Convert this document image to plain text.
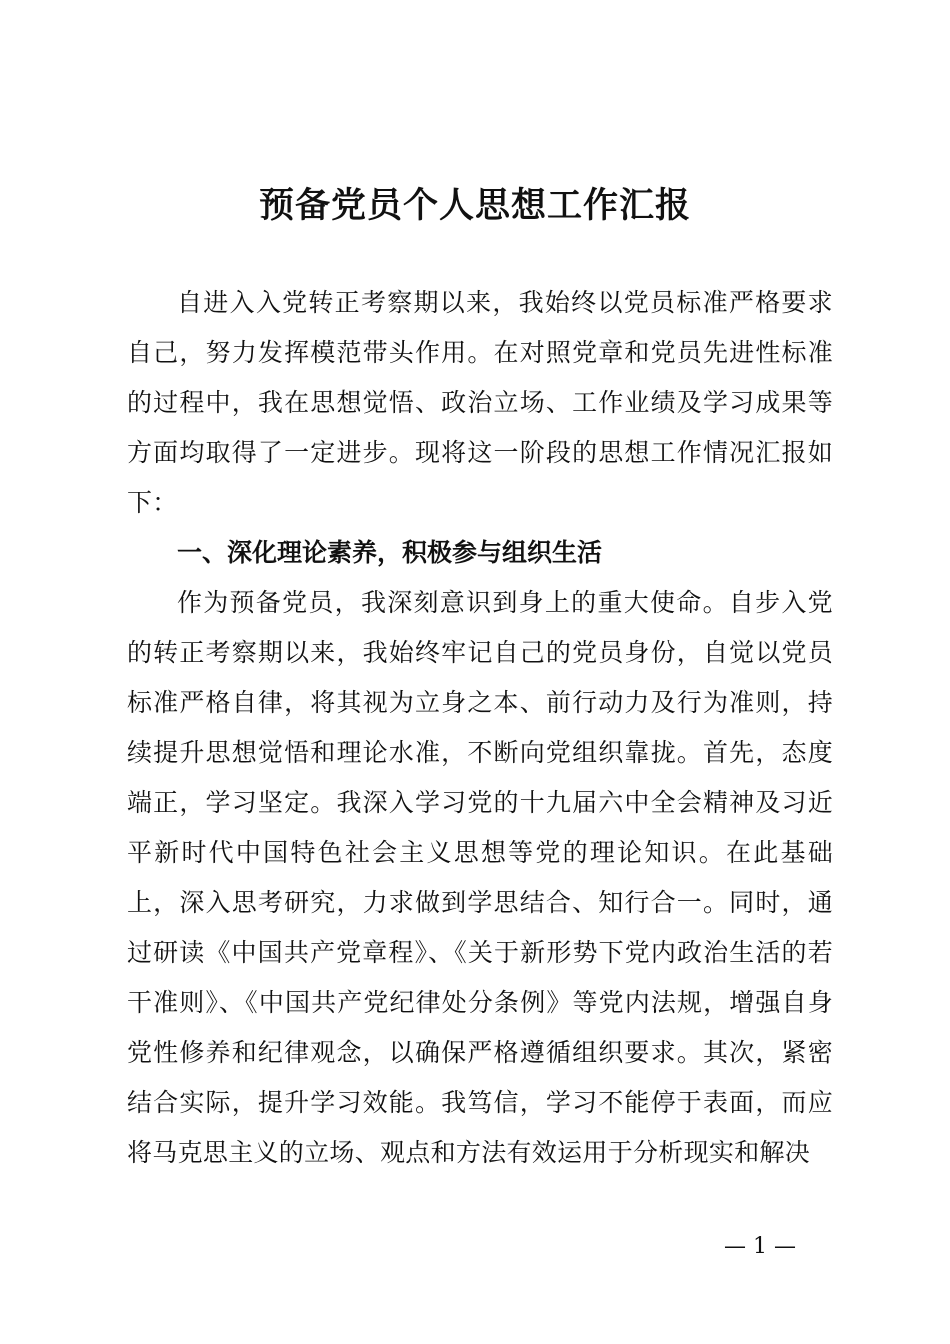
预备党员个人思想工作汇报

自进入入党转正考察期以来，我始终以党员标准严格要求自己，努力发挥模范带头作用。在对照党章和党员先进性标准的过程中，我在思想觉悟、政治立场、工作业绩及学习成果等方面均取得了一定进步。现将这一阶段的思想工作情况汇报如下：

一、深化理论素养，积极参与组织生活

作为预备党员，我深刻意识到身上的重大使命。自步入党的转正考察期以来，我始终牢记自己的党员身份，自觉以党员标准严格自律，将其视为立身之本、前行动力及行为准则，持续提升思想觉悟和理论水准，不断向党组织靠拢。首先，态度端正，学习坚定。我深入学习党的十九届六中全会精神及习近平新时代中国特色社会主义思想等党的理论知识。在此基础上，深入思考研究，力求做到学思结合、知行合一。同时，通过研读《中国共产党章程》、《关于新形势下党内政治生活的若干准则》、《中国共产党纪律处分条例》等党内法规，增强自身党性修养和纪律观念，以确保严格遵循组织要求。其次，紧密结合实际，提升学习效能。我笃信，学习不能停于表面，而应将马克思主义的立场、观点和方法有效运用于分析现实和解决

— 1 —
